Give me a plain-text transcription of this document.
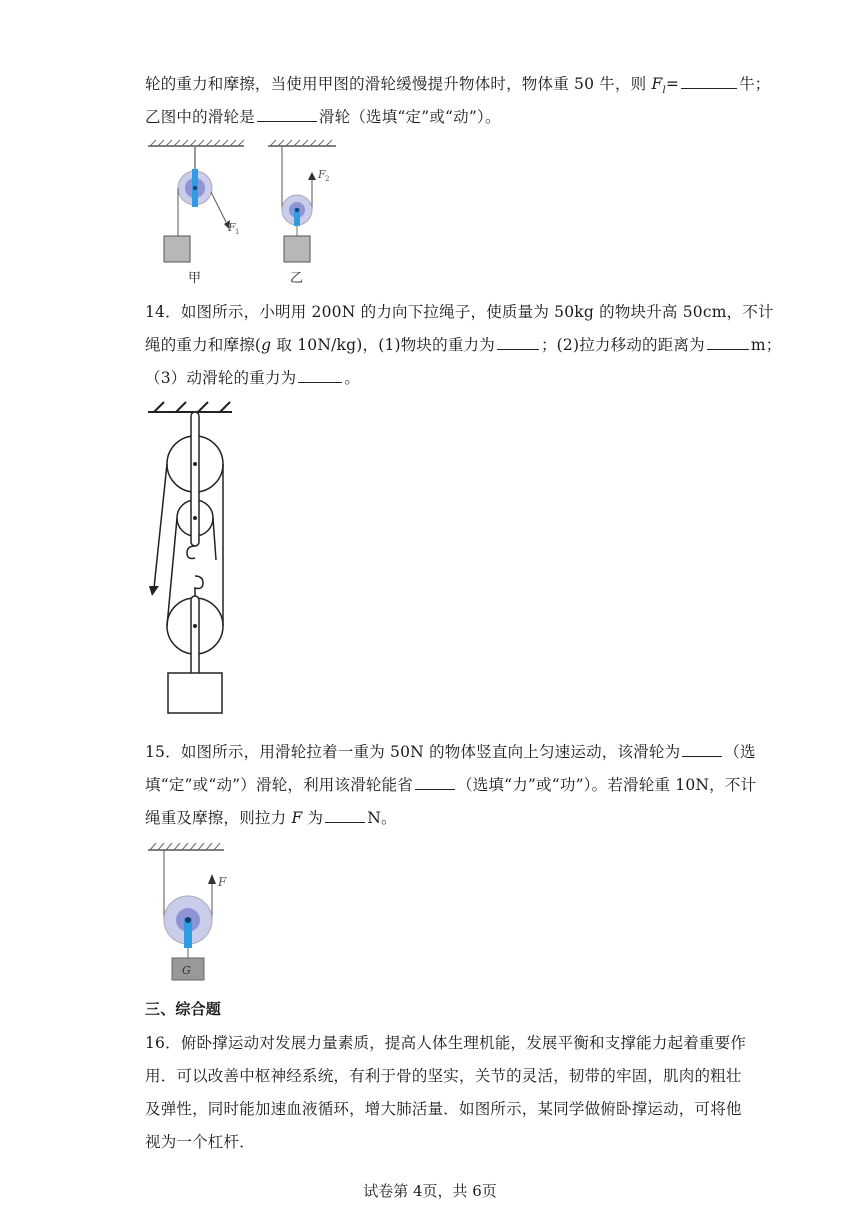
轮的重力和摩擦，当使用甲图的滑轮缓慢提升物体时，物体重 50 牛，则 $F_l=$	牛；
乙图中的滑轮是	滑轮（选填“定”或“动”）。
F 1
甲
F 2
乙
14．如图所示，小明用 200N 的力向下拉绳子，使质量为 50kg 的物块升高 50cm，不计
绳的重力和摩擦(g 取 10N/kg)，(1)物块的重力为	；(2)拉力移动的距离为	m；
（3）动滑轮的重力为	。
15．如图所示，用滑轮拉着一重为 50N 的物体竖直向上匀速运动，该滑轮为	（选
填“定”或“动”）滑轮，利用该滑轮能省	（选填“力”或“功”）。若滑轮重 10N，不计
绳重及摩擦，则拉力 F 为	N。
F
G
三、综合题
16．俯卧撑运动对发展力量素质，提高人体生理机能，发展平衡和支撑能力起着重要作
用．可以改善中枢神经系统，有利于骨的坚实，关节的灵活，韧带的牢固，肌肉的粗壮
及弹性，同时能加速血液循环，增大肺活量．如图所示，某同学做俯卧撑运动，可将他
视为一个杠杆．
试卷第 4页，共 6页
